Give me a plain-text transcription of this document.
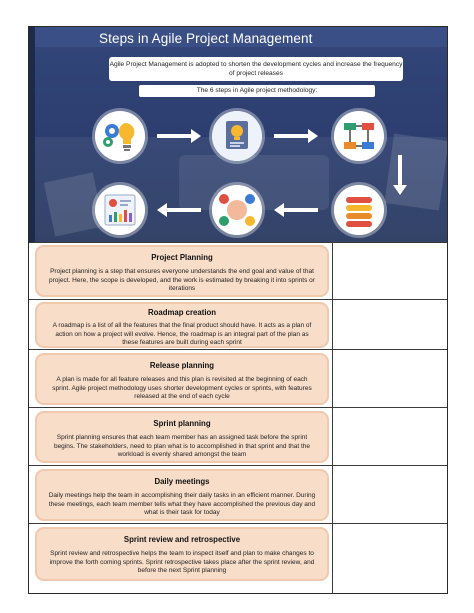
Steps in Agile Project Management
Agile Project Management is adopted to shorten the development cycles and increase the frequency of project releases
The 6 steps in Agile project methodology:
Project Planning
Project planning is a step that ensures everyone understands the end goal and value of that project. Here, the scope is developed, and the work is estimated by breaking it into sprints or iterations
Roadmap creation
A roadmap is a list of all the features that the final product should have. It acts as a plan of action on how a project will evolve. Hence, the roadmap is an integral part of the plan as these features are built during each sprint
Release planning
A plan is made for all feature releases and this plan is revisited at the beginning of each sprint. Agile project methodology uses shorter development cycles or sprints, with features released at the end of each cycle
Sprint planning
Sprint planning ensures that each team member has an assigned task before the sprint begins. The stakeholders, need to plan what is to accomplished in that sprint and that the workload is evenly shared amongst the team
Daily meetings
Daily meetings help the team in accomplishing their daily tasks in an efficient manner. During these meetings, each team member tells what they have accomplished the previous day and what is their task for today
Sprint review and retrospective
Sprint review and retrospective helps the team to inspect itself and plan to make changes to improve the forth coming sprints. Sprint retrospective takes place after the sprint review, and before the next Sprint planning
